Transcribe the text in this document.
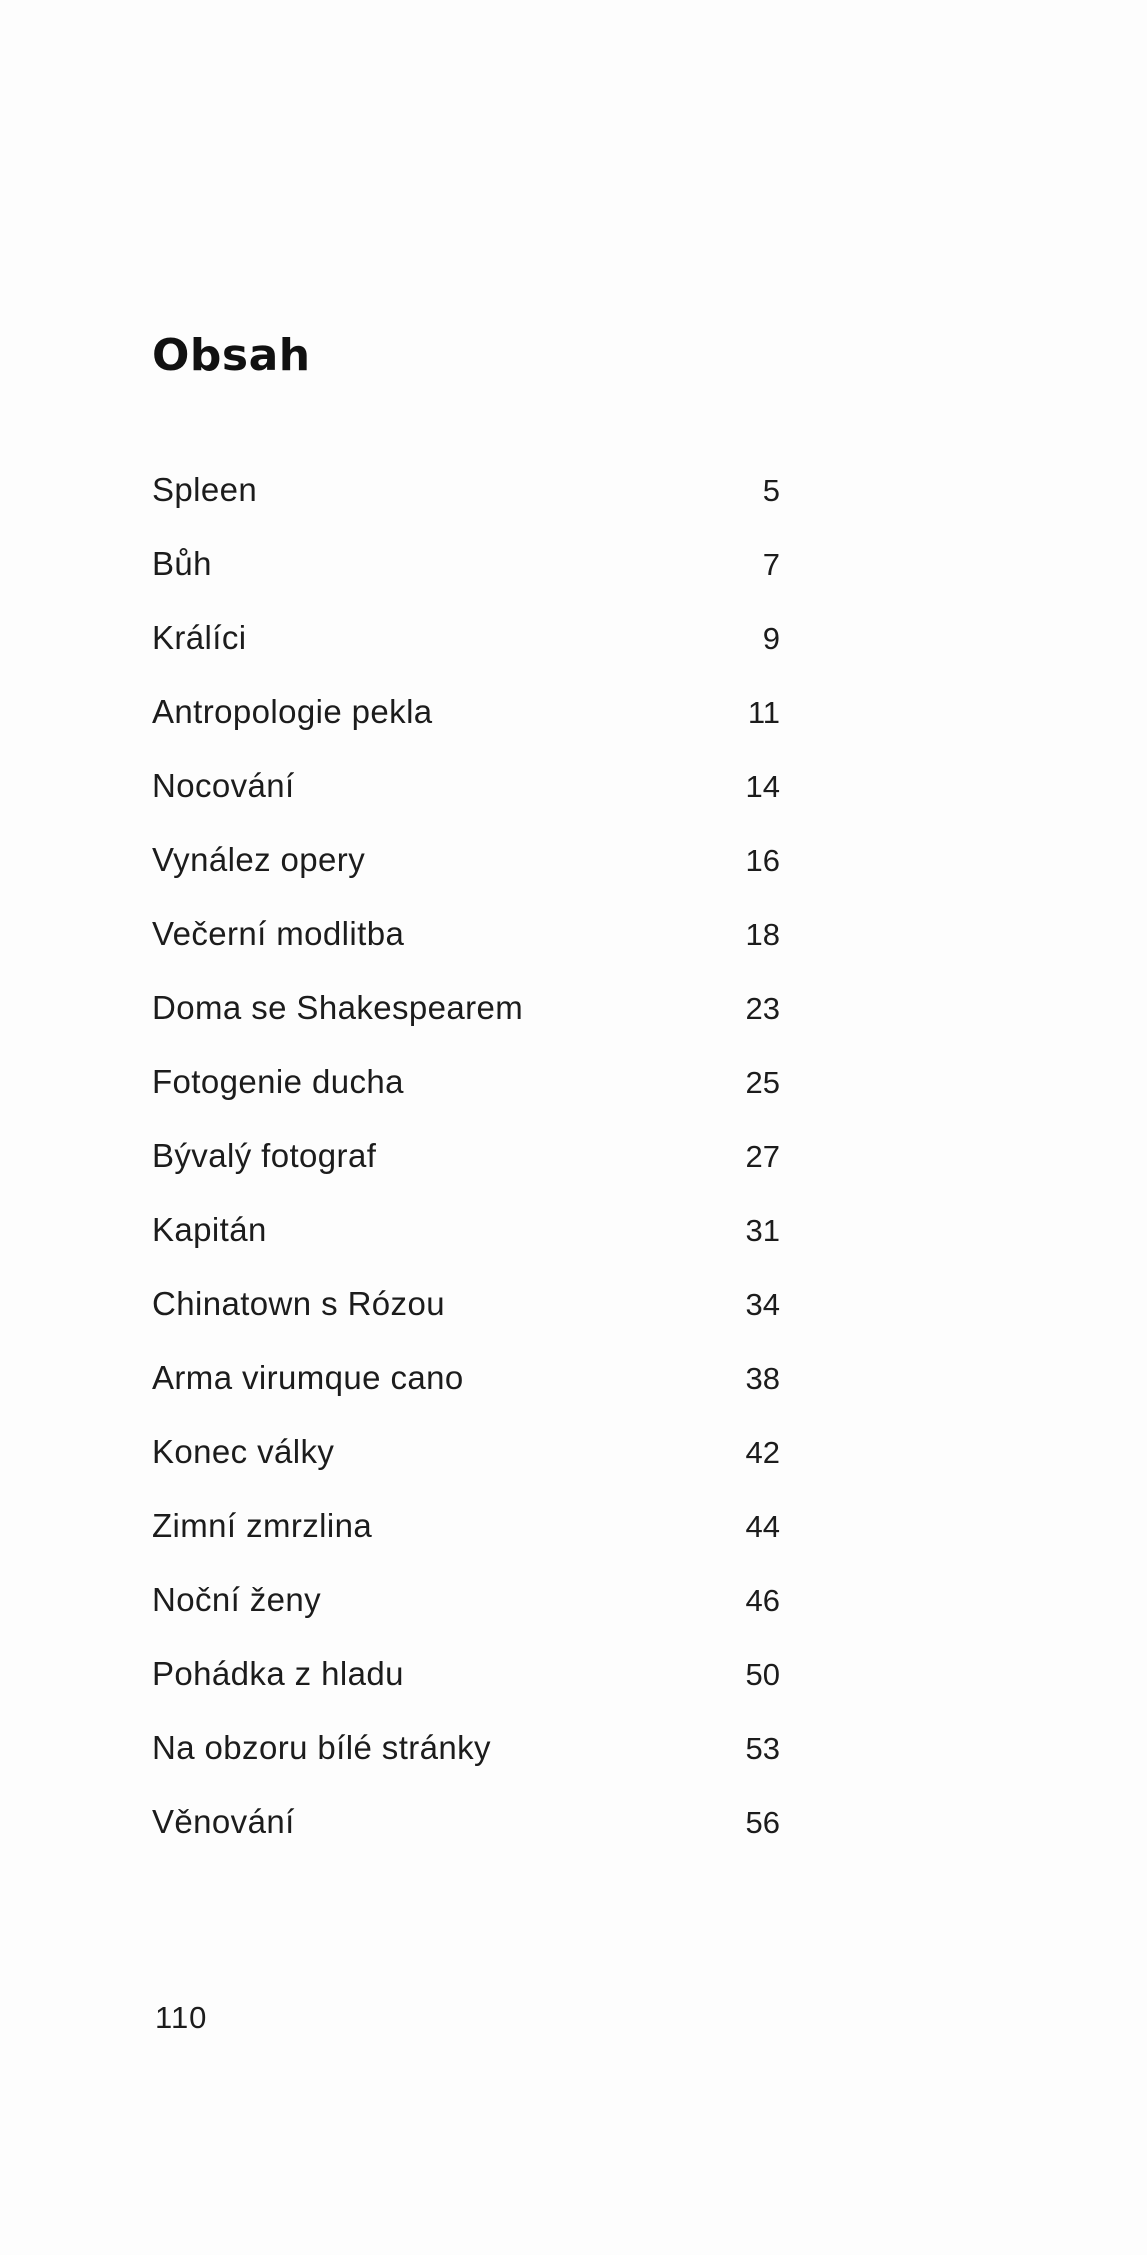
Obsah
Spleen	5
Bůh	7
Králíci	9
Antropologie pekla	11
Nocování	14
Vynález opery	16
Večerní modlitba	18
Doma se Shakespearem	23
Fotogenie ducha	25
Bývalý fotograf	27
Kapitán	31
Chinatown s Rózou	34
Arma virumque cano	38
Konec války	42
Zimní zmrzlina	44
Noční ženy	46
Pohádka z hladu	50
Na obzoru bílé stránky	53
Věnování	56
110
